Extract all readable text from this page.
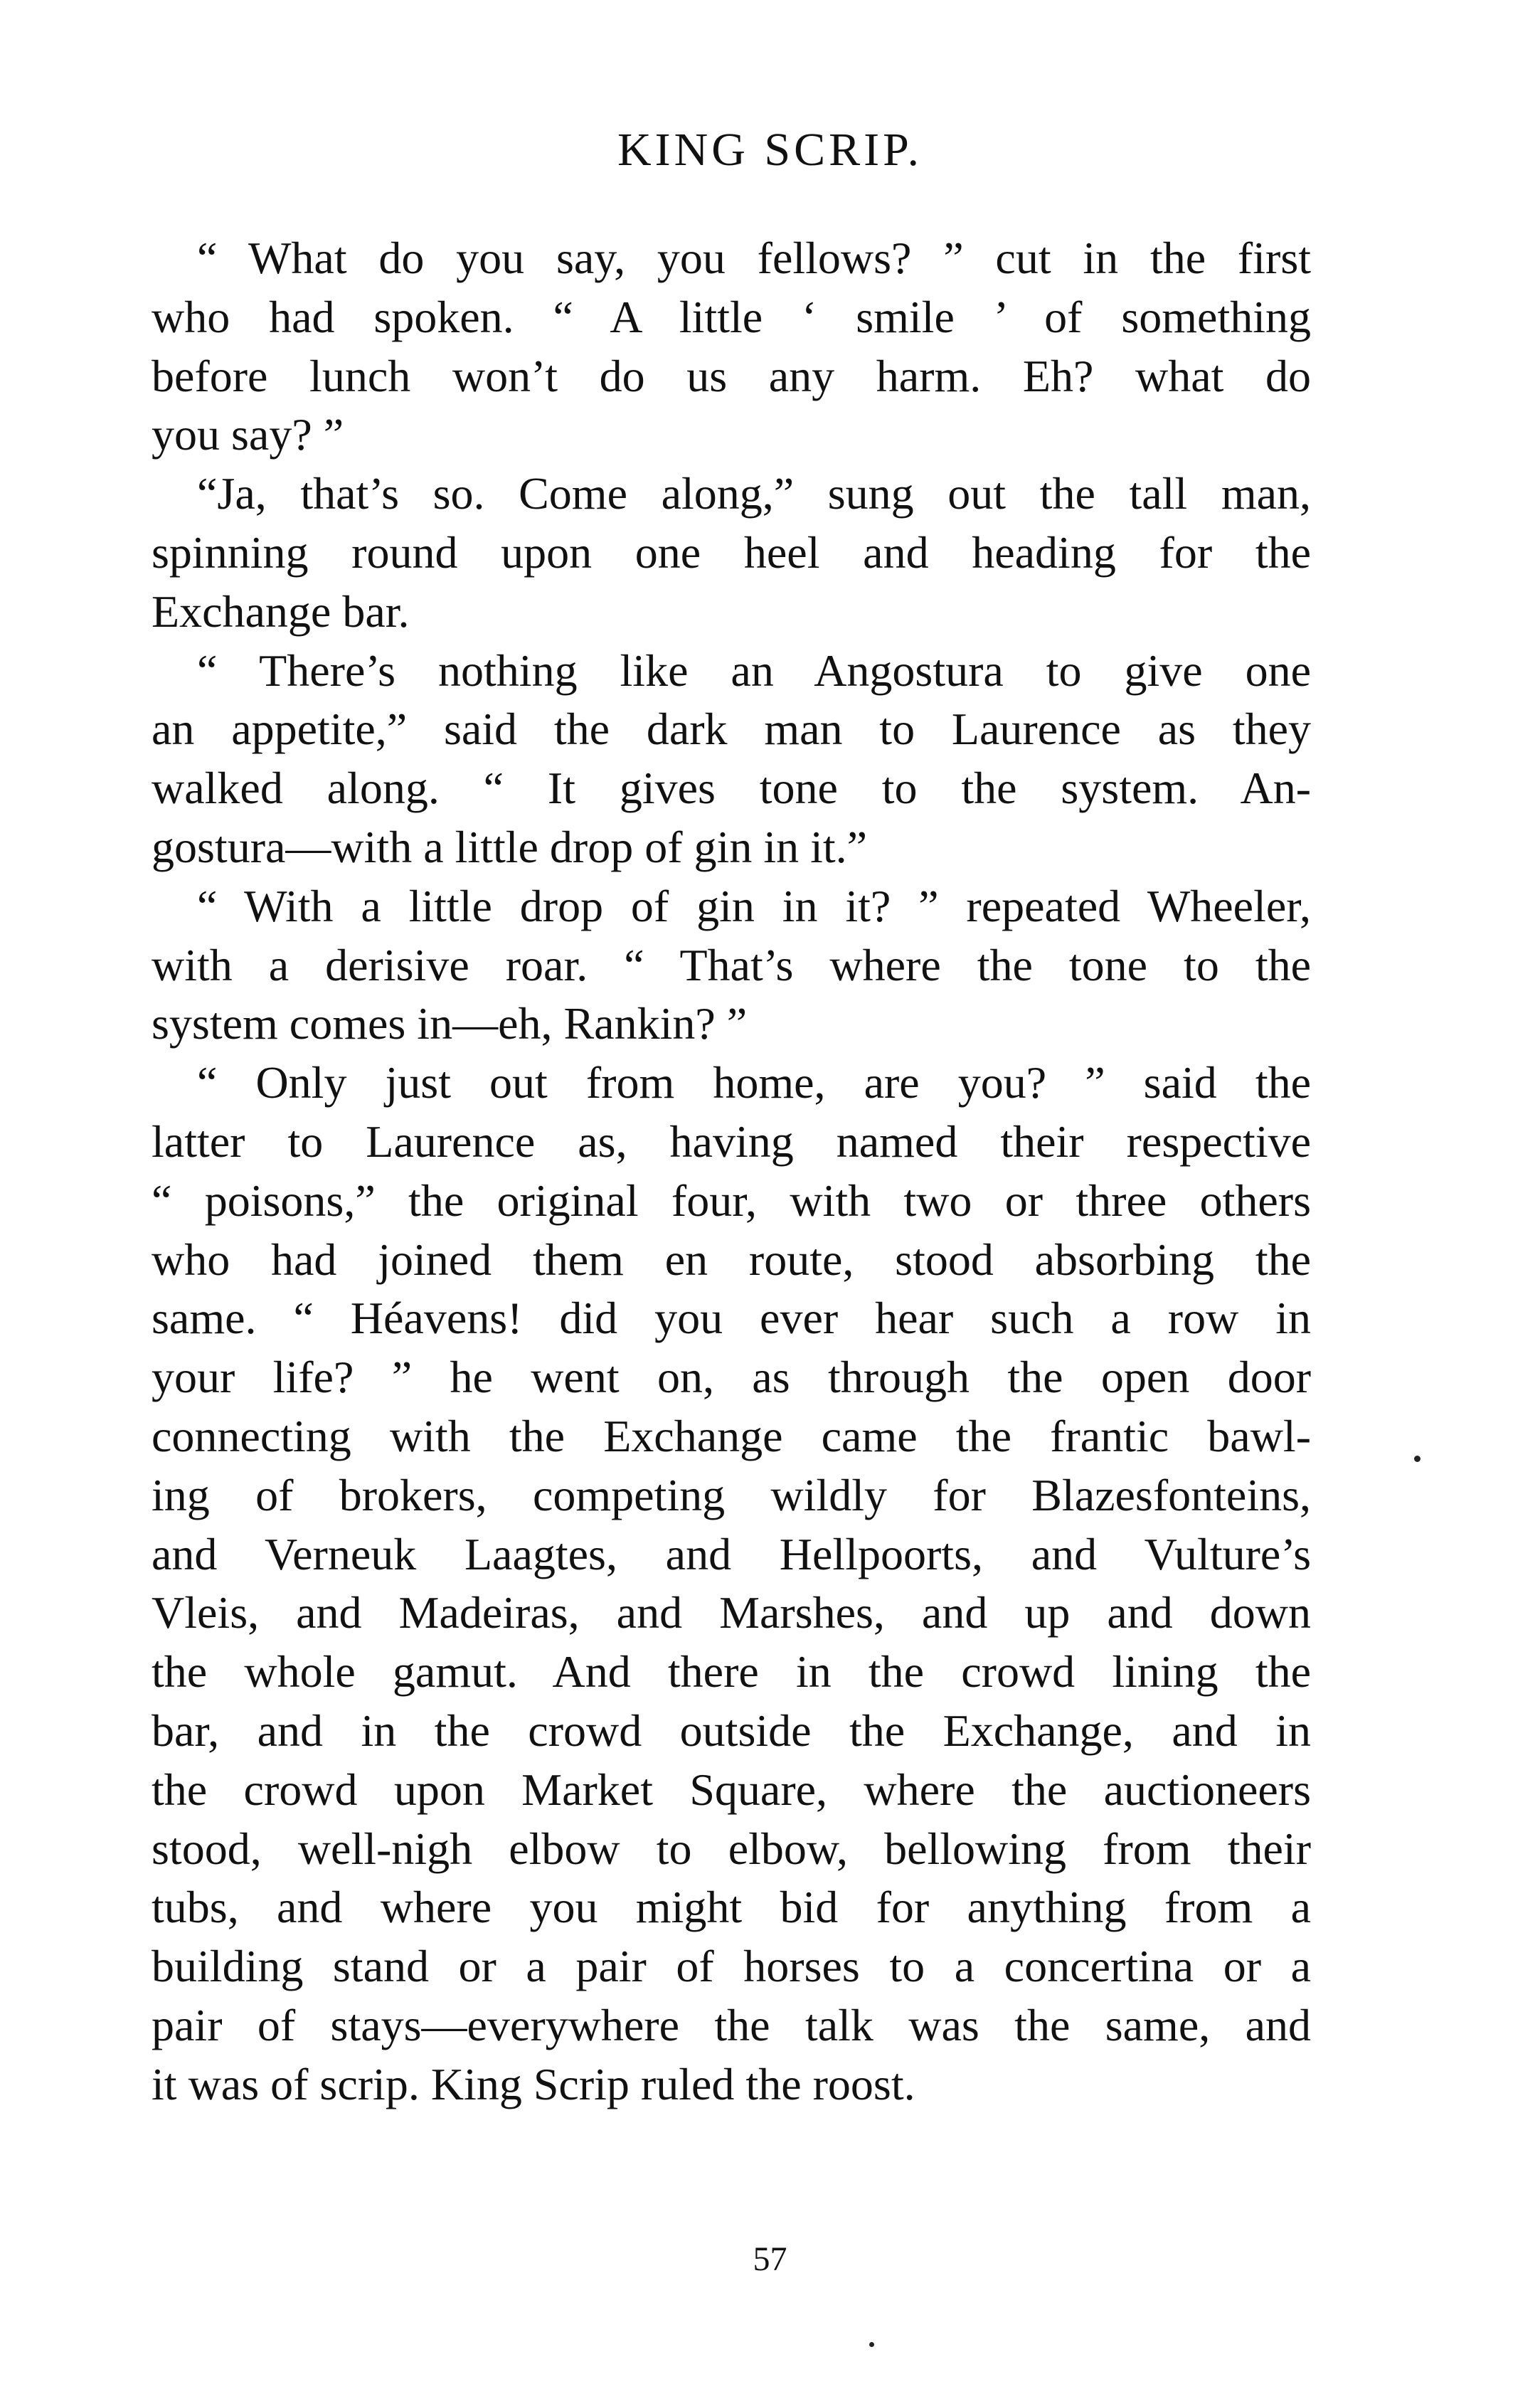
KING SCRIP.
“ What do you say, you fellows? ” cut in the first
who had spoken. “ A little ‘ smile ’ of something
before lunch won’t do us any harm. Eh? what do
you say? ”
“Ja, that’s so. Come along,” sung out the tall man,
spinning round upon one heel and heading for the
Exchange bar.
“ There’s nothing like an Angostura to give one
an appetite,” said the dark man to Laurence as they
walked along. “ It gives tone to the system. An-
gostura—with a little drop of gin in it.”
“ With a little drop of gin in it? ” repeated Wheeler,
with a derisive roar. “ That’s where the tone to the
system comes in—eh, Rankin? ”
“ Only just out from home, are you? ” said the
latter to Laurence as, having named their respective
“ poisons,” the original four, with two or three others
who had joined them en route, stood absorbing the
same. “ Héavens! did you ever hear such a row in
your life? ” he went on, as through the open door
connecting with the Exchange came the frantic bawl-
ing of brokers, competing wildly for Blazesfonteins,
and Verneuk Laagtes, and Hellpoorts, and Vulture’s
Vleis, and Madeiras, and Marshes, and up and down
the whole gamut. And there in the crowd lining the
bar, and in the crowd outside the Exchange, and in
the crowd upon Market Square, where the auctioneers
stood, well-nigh elbow to elbow, bellowing from their
tubs, and where you might bid for anything from a
building stand or a pair of horses to a concertina or a
pair of stays—everywhere the talk was the same, and
it was of scrip. King Scrip ruled the roost.
57
